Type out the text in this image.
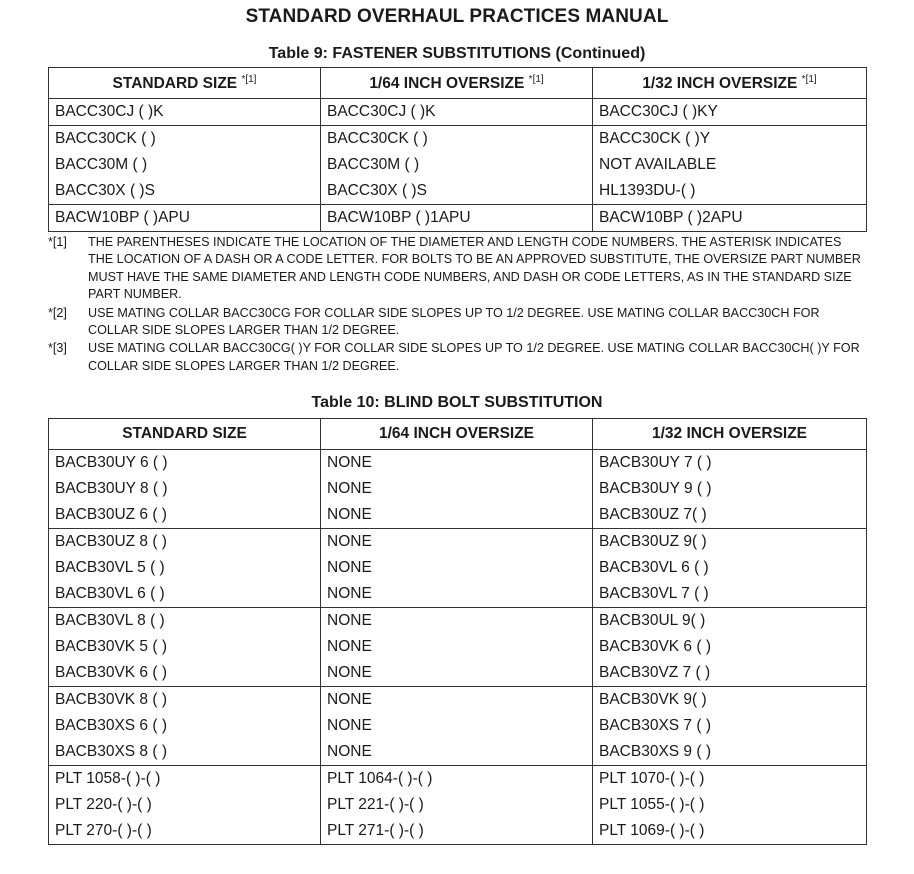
STANDARD OVERHAUL PRACTICES MANUAL
Table 9: FASTENER SUBSTITUTIONS (Continued)
STANDARD SIZE $^{*[1]}$	1/64 INCH OVERSIZE $^{*[1]}$	1/32 INCH OVERSIZE $^{*[1]}$
BACC30CJ ( )K	BACC30CJ ( )K	BACC30CJ ( )KY
BACC30CK ( )	BACC30CK ( )	BACC30CK ( )Y
BACC30M ( )	BACC30M ( )	NOT AVAILABLE
BACC30X ( )S	BACC30X ( )S	HL1393DU-( )
BACW10BP ( )APU	BACW10BP ( )1APU	BACW10BP ( )2APU
*[1]	THE PARENTHESES INDICATE THE LOCATION OF THE DIAMETER AND LENGTH CODE NUMBERS. THE ASTERISK INDICATES THE LOCATION OF A DASH OR A CODE LETTER. FOR BOLTS TO BE AN APPROVED SUBSTITUTE, THE OVERSIZE PART NUMBER MUST HAVE THE SAME DIAMETER AND LENGTH CODE NUMBERS, AND DASH OR CODE LETTERS, AS IN THE STANDARD SIZE PART NUMBER.
*[2]	USE MATING COLLAR BACC30CG FOR COLLAR SIDE SLOPES UP TO 1/2 DEGREE. USE MATING COLLAR BACC30CH FOR COLLAR SIDE SLOPES LARGER THAN 1/2 DEGREE.
*[3]	USE MATING COLLAR BACC30CG( )Y FOR COLLAR SIDE SLOPES UP TO 1/2 DEGREE. USE MATING COLLAR BACC30CH( )Y FOR COLLAR SIDE SLOPES LARGER THAN 1/2 DEGREE.
Table 10: BLIND BOLT SUBSTITUTION
STANDARD SIZE	1/64 INCH OVERSIZE	1/32 INCH OVERSIZE
BACB30UY 6 ( )	NONE	BACB30UY 7 ( )
BACB30UY 8 ( )	NONE	BACB30UY 9 ( )
BACB30UZ 6 ( )	NONE	BACB30UZ 7( )
BACB30UZ 8 ( )	NONE	BACB30UZ 9( )
BACB30VL 5 ( )	NONE	BACB30VL 6 ( )
BACB30VL 6 ( )	NONE	BACB30VL 7 ( )
BACB30VL 8 ( )	NONE	BACB30UL 9( )
BACB30VK 5 ( )	NONE	BACB30VK 6 ( )
BACB30VK 6 ( )	NONE	BACB30VZ 7 ( )
BACB30VK 8 ( )	NONE	BACB30VK 9( )
BACB30XS 6 ( )	NONE	BACB30XS 7 ( )
BACB30XS 8 ( )	NONE	BACB30XS 9 ( )
PLT 1058-( )-( )	PLT 1064-( )-( )	PLT 1070-( )-( )
PLT 220-( )-( )	PLT 221-( )-( )	PLT 1055-( )-( )
PLT 270-( )-( )	PLT 271-( )-( )	PLT 1069-( )-( )
